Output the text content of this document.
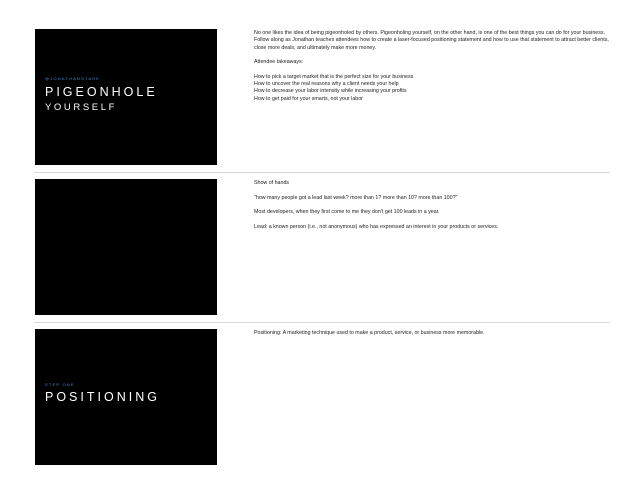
@JONATHANSTARK
PIGEONHOLE
YOURSELF

No one likes the idea of being pigeonholed by others. Pigeonholing yourself, on the other hand, is one of the best things you can do for your business. Follow along as Jonathan teaches attendees how to create a laser-focused positioning statement and how to use that statement to attract better clients, close more deals, and ultimately make more money.

Attendee takeaways:

How to pick a target market that is the perfect size for your business

How to uncover the real reasons why a client needs your help

How to decrease your labor intensity while increasing your profits

How to get paid for your smarts, not your labor

Show of hands

"how many people got a lead last week? more than 1? more than 10? more than 100?"

Most developers, when they first come to me they don't get 100 leads in a year.

Lead: a known person (i.e., not anonymous) who has expressed an interest in your products or services.

STEP ONE
POSITIONING

Positioning: A marketing technique used to make a product, service, or business more memorable.
